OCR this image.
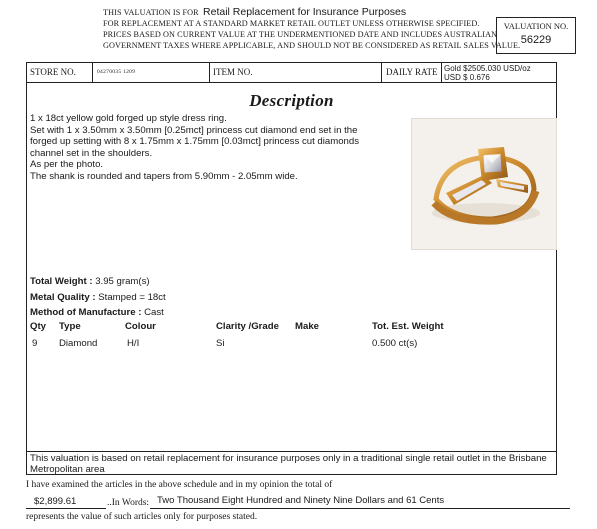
THIS VALUATION IS FOR Retail Replacement for Insurance Purposes
FOR REPLACEMENT AT A STANDARD MARKET RETAIL OUTLET UNLESS OTHERWISE SPECIFIED.
PRICES BASED ON CURRENT VALUE AT THE UNDERMENTIONED DATE AND INCLUDES AUSTRALIAN
GOVERNMENT TAXES WHERE APPLICABLE, AND SHOULD NOT BE CONSIDERED AS RETAIL SALES VALUE.
VALUATION NO.
56229
STORE NO.	04270035 1209	ITEM NO.	DAILY RATE Gold $2505.030 USD/oz
USD $ 0.676
Description
1 x 18ct yellow gold forged up style dress ring.
Set with 1 x 3.50mm x 3.50mm [0.25mct] princess cut diamond end set in the
forged up setting with 8 x 1.75mm x 1.75mm [0.03mct] princess cut diamonds
channel set in the shoulders.
As per the photo.
The shank is rounded and tapers from 5.90mm - 2.05mm wide.
Total Weight : 3.95 gram(s)
Metal Quality : Stamped = 18ct
Method of Manufacture : Cast
Qty Type	Colour	Clarity /Grade Make	Tot. Est. Weight
9 Diamond	H/I	Si	0.500 ct(s)
This valuation is based on retail replacement for insurance purposes only in a traditional single retail outlet in the Brisbane Metropolitan area
I have examined the articles in the above schedule and in my opinion the total of
$2,899.61	..In Words: Two Thousand Eight Hundred and Ninety Nine Dollars and 61 Cents
represents the value of such articles only for purposes stated.
